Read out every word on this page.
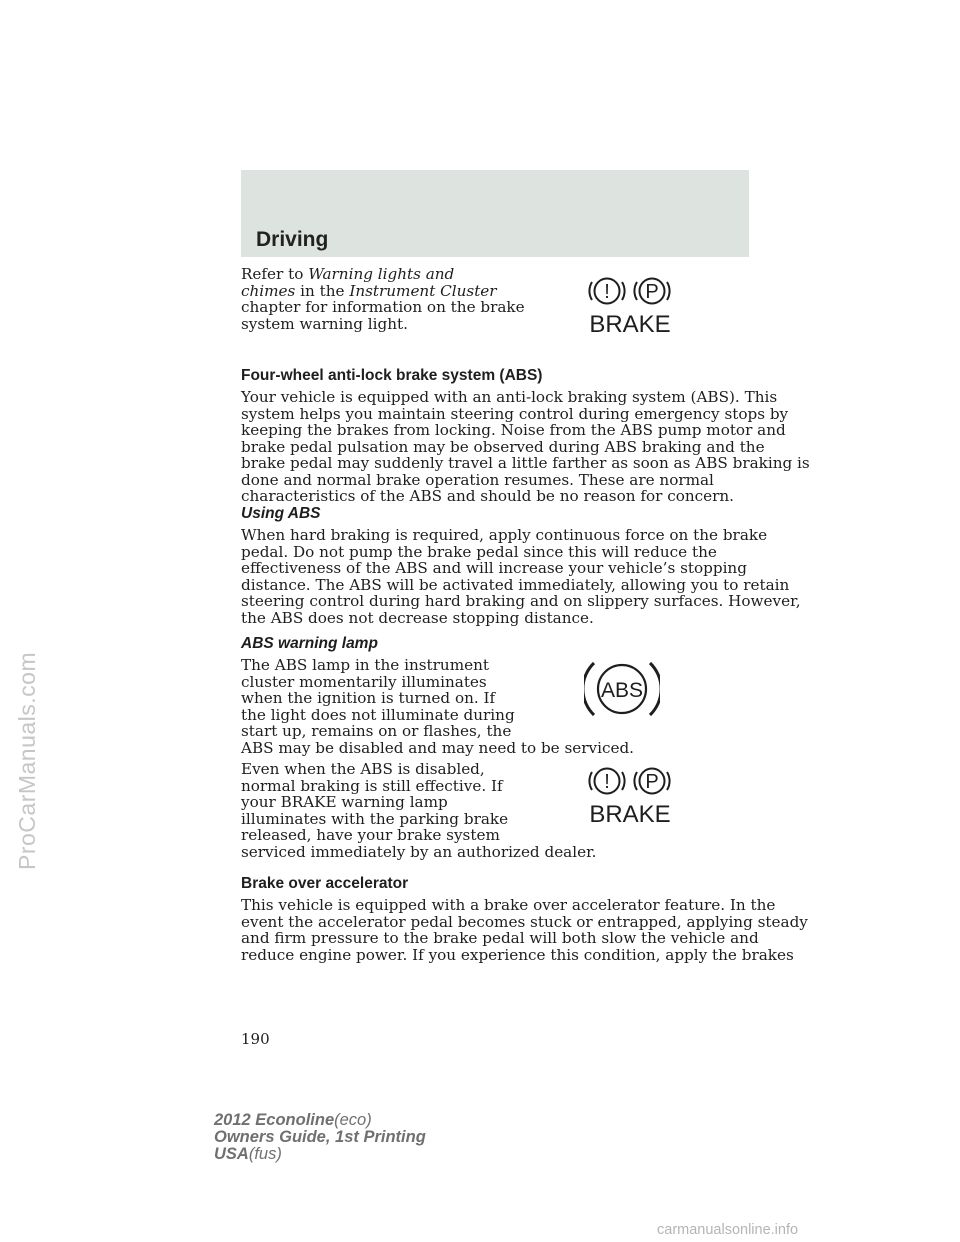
Driving
Refer to Warning lights and
chimes in the Instrument Cluster
chapter for information on the brake
system warning light.
! P
BRAKE
Four-wheel anti-lock brake system (ABS)
Your vehicle is equipped with an anti-lock braking system (ABS). This
system helps you maintain steering control during emergency stops by
keeping the brakes from locking. Noise from the ABS pump motor and
brake pedal pulsation may be observed during ABS braking and the
brake pedal may suddenly travel a little farther as soon as ABS braking is
done and normal brake operation resumes. These are normal
characteristics of the ABS and should be no reason for concern.
Using ABS
When hard braking is required, apply continuous force on the brake
pedal. Do not pump the brake pedal since this will reduce the
effectiveness of the ABS and will increase your vehicle’s stopping
distance. The ABS will be activated immediately, allowing you to retain
steering control during hard braking and on slippery surfaces. However,
the ABS does not decrease stopping distance.
ABS warning lamp
The ABS lamp in the instrument
cluster momentarily illuminates
when the ignition is turned on. If
the light does not illuminate during
start up, remains on or flashes, the
ABS may be disabled and may need to be serviced.
ABS
Even when the ABS is disabled,
normal braking is still effective. If
your BRAKE warning lamp
illuminates with the parking brake
released, have your brake system
serviced immediately by an authorized dealer.
! P
BRAKE
Brake over accelerator
This vehicle is equipped with a brake over accelerator feature. In the
event the accelerator pedal becomes stuck or entrapped, applying steady
and firm pressure to the brake pedal will both slow the vehicle and
reduce engine power. If you experience this condition, apply the brakes
190
2012 Econoline(eco)
Owners Guide, 1st Printing
USA(fus)
ProCarManuals.com
carmanualsonline.info
